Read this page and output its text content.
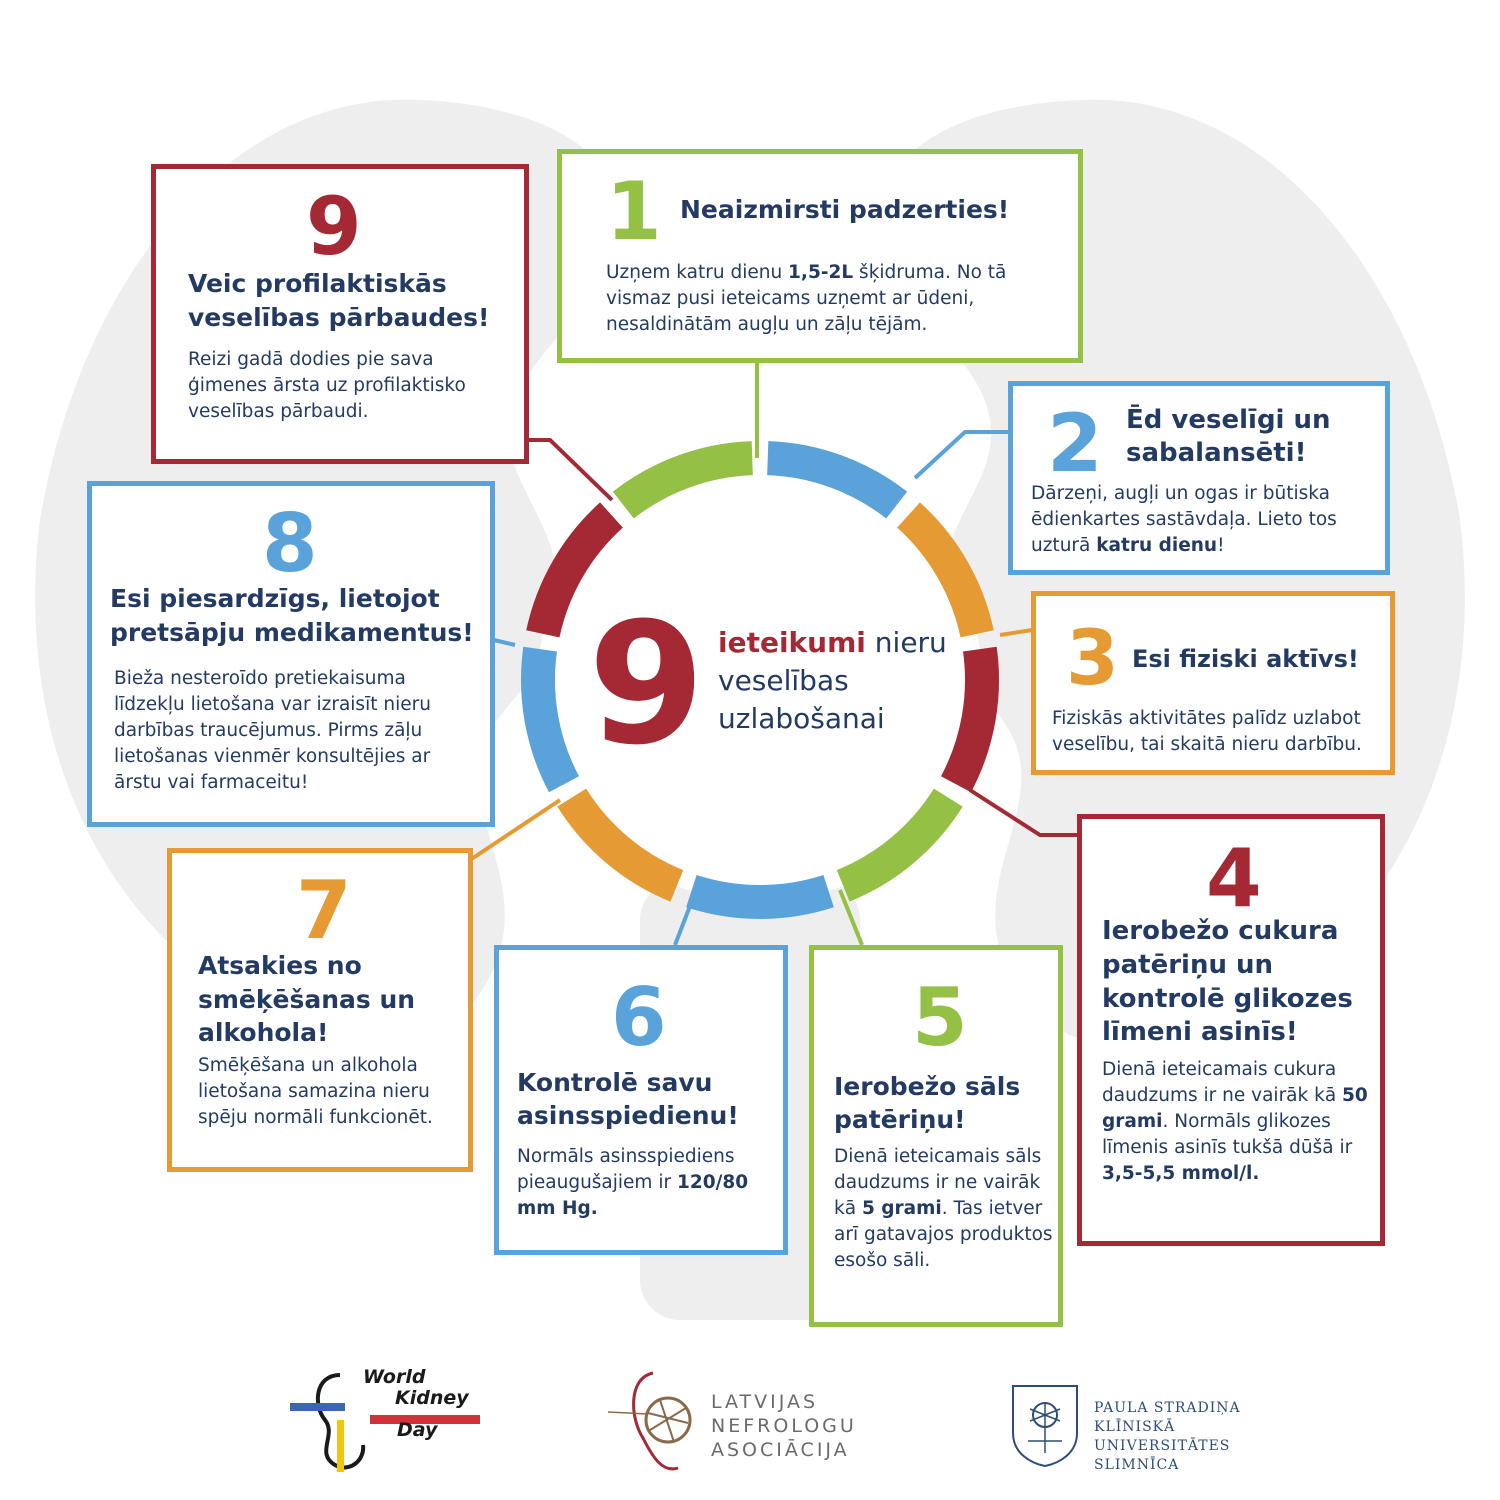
1 Neaizmirsti padzerties!
Uzņem katru dienu 1,5-2L šķidruma. No tā vismaz pusi ieteicams uzņemt ar ūdeni, nesaldinātām augļu un zāļu tējām.
2 Ēd veselīgi un sabalansēti!
Dārzeņi, augļi un ogas ir būtiska ēdienkartes sastāvdaļa. Lieto tos uzturā katru dienu!
3 Esi fiziski aktīvs!
Fiziskās aktivitātes palīdz uzlabot veselību, tai skaitā nieru darbību.
4
Ierobežo cukura patēriņu un kontrolē glikozes līmeni asinīs!
Dienā ieteicamais cukura daudzums ir ne vairāk kā 50 grami. Normāls glikozes līmenis asinīs tukšā dūšā ir 3,5-5,5 mmol/l.
5
Ierobežo sāls patēriņu!
Dienā ieteicamais sāls daudzums ir ne vairāk kā 5 grami. Tas ietver arī gatavajos produktos esošo sāli.
6
Kontrolē savu asinsspiedienu!
Normāls asinsspiediens pieaugušajiem ir 120/80 mm Hg.
7
Atsakies no smēķēšanas un alkohola!
Smēķēšana un alkohola lietošana samazina nieru spēju normāli funkcionēt.
8
Esi piesardzīgs, lietojot pretsāpju medikamentus!
Bieža nesteroīdo pretiekaisuma līdzekļu lietošana var izraisīt nieru darbības traucējumus. Pirms zāļu lietošanas vienmēr konsultējies ar ārstu vai farmaceitu!
9
Veic profilaktiskās veselības pārbaudes!
Reizi gadā dodies pie sava ģimenes ārsta uz profilaktisko veselības pārbaudi.
9 ieteikumi nieru
veselības
uzlabošanai
World
Kidney
Day
LATVIJAS
NEFROLOGU
ASOCIĀCIJA
PAULA STRADIŅA
KLĪNISKĀ UNIVERSITĀTES
SLIMNĪCA
